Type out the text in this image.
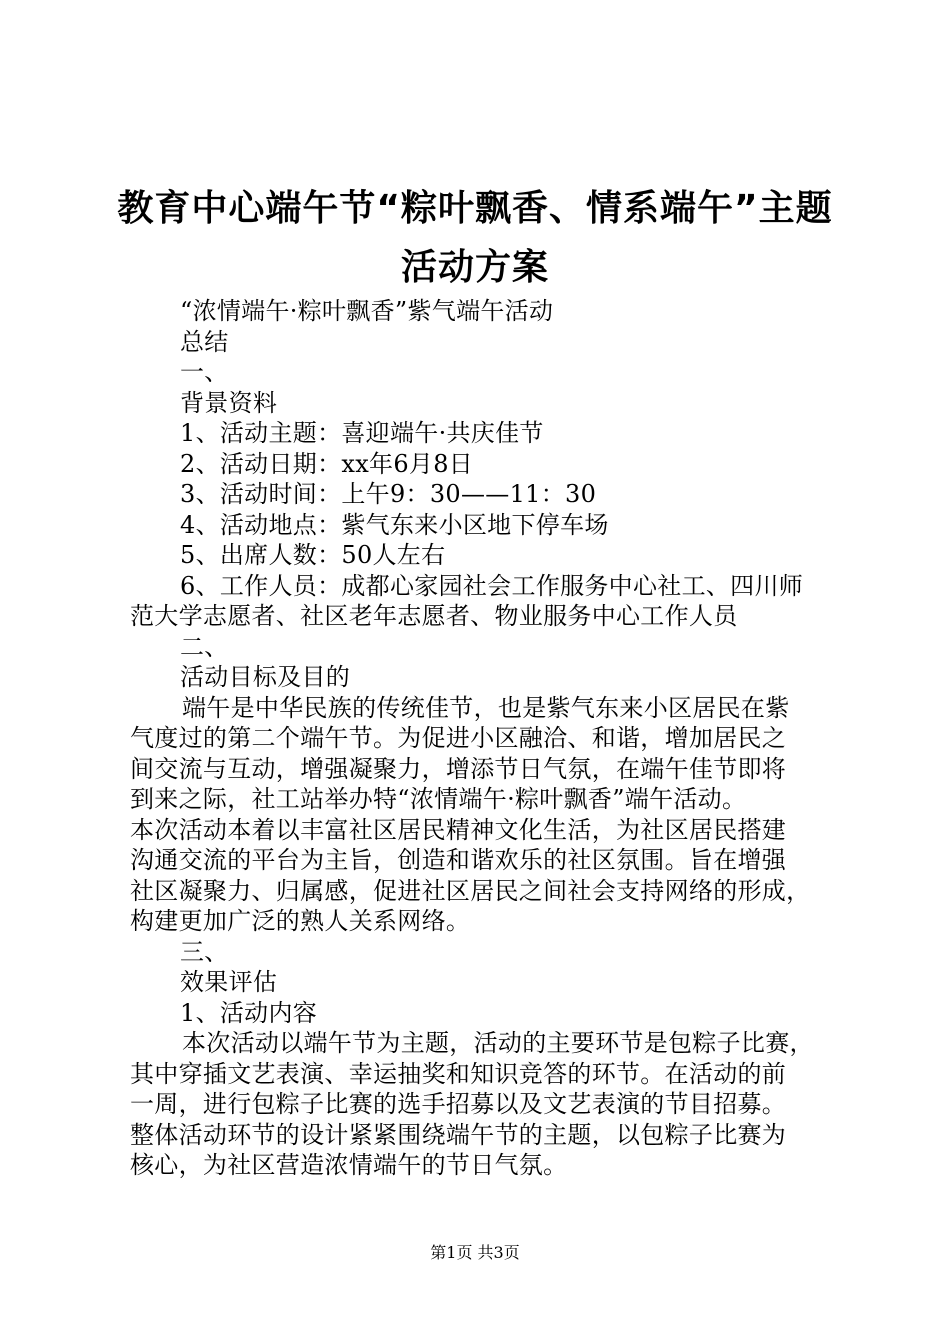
教育中心端午节“粽叶飘香、情系端午”主题
活动方案
“浓情端午·粽叶飘香”紫气端午活动
总结
一、
背景资料
1、活动主题：喜迎端午·共庆佳节
2、活动日期：xx年6月8日
3、活动时间：上午9：30——11：30
4、活动地点：紫气东来小区地下停车场
5、出席人数：50人左右
6、工作人员：成都心家园社会工作服务中心社工、四川师
范大学志愿者、社区老年志愿者、物业服务中心工作人员
二、
活动目标及目的
端午是中华民族的传统佳节，也是紫气东来小区居民在紫
气度过的第二个端午节。为促进小区融洽、和谐，增加居民之
间交流与互动，增强凝聚力，增添节日气氛，在端午佳节即将
到来之际，社工站举办特“浓情端午·粽叶飘香”端午活动。
本次活动本着以丰富社区居民精神文化生活，为社区居民搭建
沟通交流的平台为主旨，创造和谐欢乐的社区氛围。旨在增强
社区凝聚力、归属感，促进社区居民之间社会支持网络的形成，
构建更加广泛的熟人关系网络。
三、
效果评估
1、活动内容
本次活动以端午节为主题，活动的主要环节是包粽子比赛，
其中穿插文艺表演、幸运抽奖和知识竞答的环节。在活动的前
一周，进行包粽子比赛的选手招募以及文艺表演的节目招募。
整体活动环节的设计紧紧围绕端午节的主题，以包粽子比赛为
核心，为社区营造浓情端午的节日气氛。
第1页 共3页
